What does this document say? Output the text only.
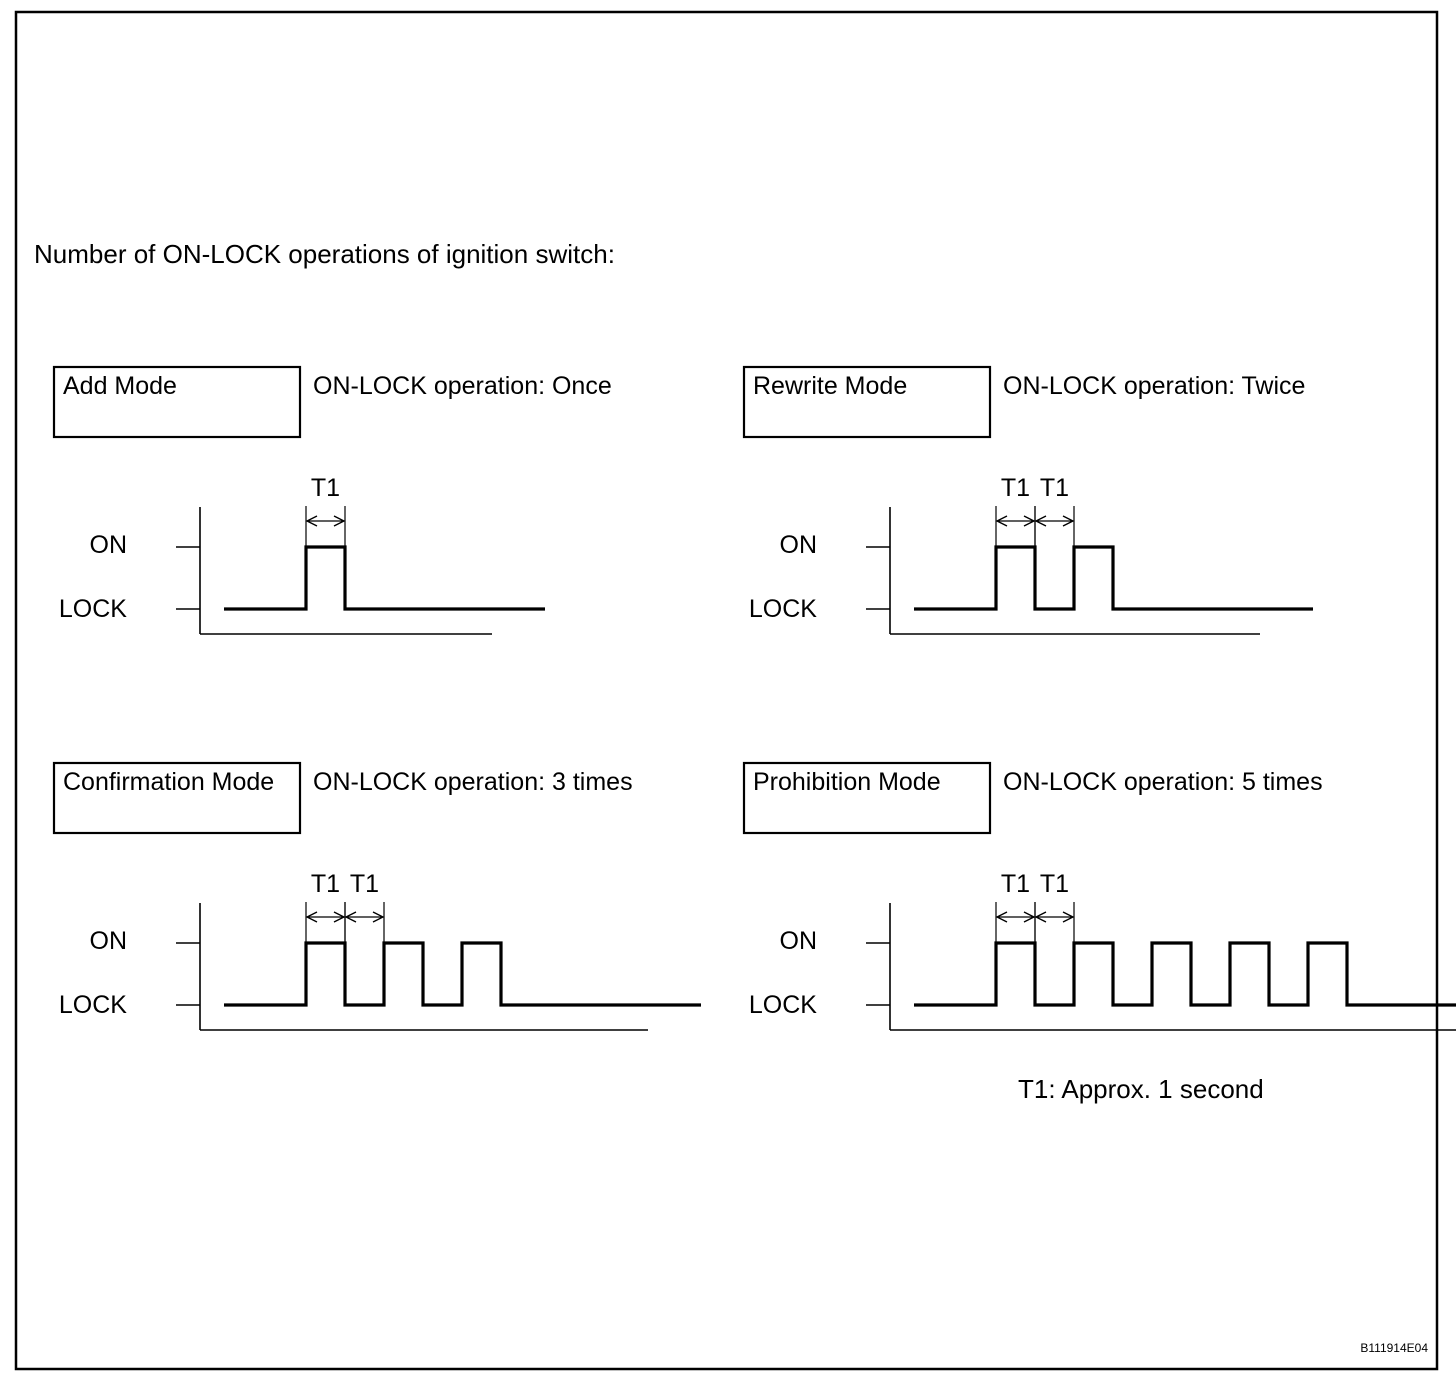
Number of ON-LOCK operations of ignition switch:
Add Mode	ON-LOCK operation: Once
ON
LOCK
T1
Rewrite Mode	ON-LOCK operation: Twice
ON
LOCK
T1 T1
Confirmation Mode ON-LOCK operation: 3 times
ON
LOCK
T1 T1
Prohibition Mode ON-LOCK operation: 5 times
ON
LOCK
T1 T1
T1: Approx. 1 second
B111914E04
